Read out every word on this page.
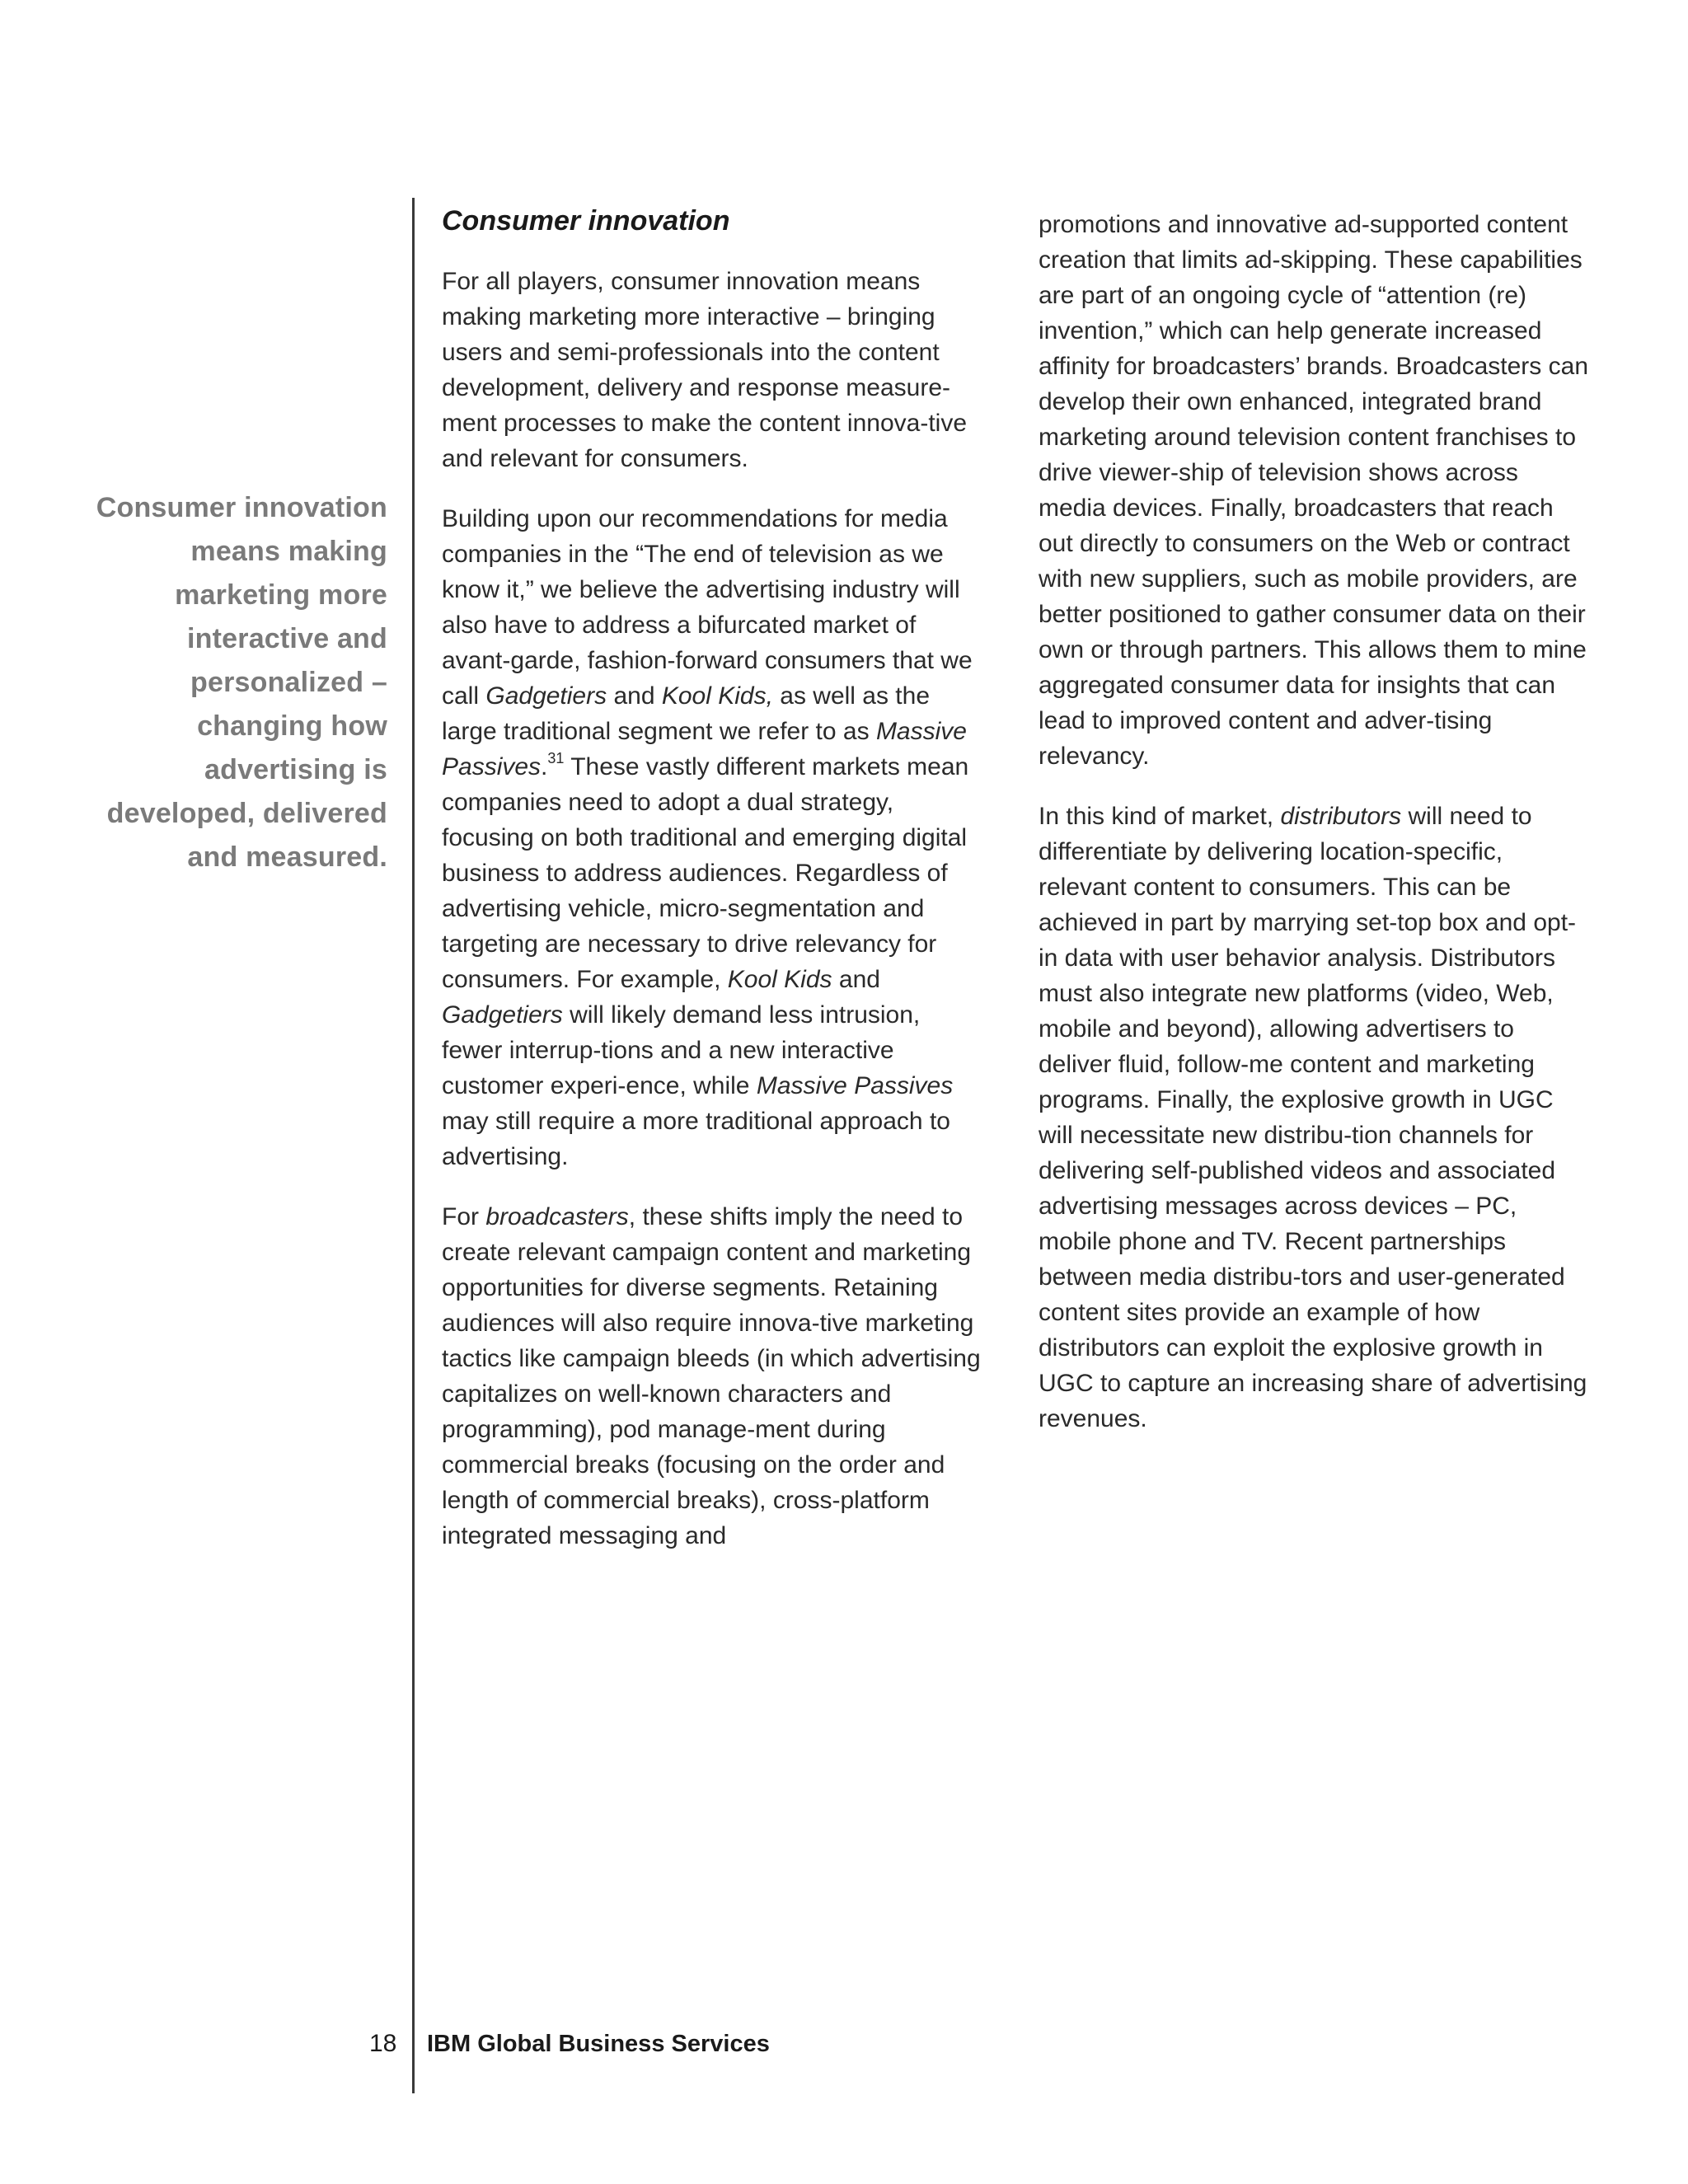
Consumer innovation means making marketing more interactive and personalized – changing how advertising is developed, delivered and measured.

Consumer innovation

For all players, consumer innovation means making marketing more interactive – bringing users and semi-professionals into the content development, delivery and response measure-ment processes to make the content innova-tive and relevant for consumers.

Building upon our recommendations for media companies in the “The end of television as we know it,” we believe the advertising industry will also have to address a bifurcated market of avant-garde, fashion-forward consumers that we call Gadgetiers and Kool Kids, as well as the large traditional segment we refer to as Massive Passives.$^{31}$ These vastly different markets mean companies need to adopt a dual strategy, focusing on both traditional and emerging digital business to address audiences. Regardless of advertising vehicle, micro-segmentation and targeting are necessary to drive relevancy for consumers. For example, Kool Kids and Gadgetiers will likely demand less intrusion, fewer interrup-tions and a new interactive customer experi-ence, while Massive Passives may still require a more traditional approach to advertising.

For broadcasters, these shifts imply the need to create relevant campaign content and marketing opportunities for diverse segments. Retaining audiences will also require innova-tive marketing tactics like campaign bleeds (in which advertising capitalizes on well-known characters and programming), pod manage-ment during commercial breaks (focusing on the order and length of commercial breaks), cross-platform integrated messaging and

promotions and innovative ad-supported content creation that limits ad-skipping. These capabilities are part of an ongoing cycle of “attention (re) invention,” which can help generate increased affinity for broadcasters’ brands. Broadcasters can develop their own enhanced, integrated brand marketing around television content franchises to drive viewer-ship of television shows across media devices. Finally, broadcasters that reach out directly to consumers on the Web or contract with new suppliers, such as mobile providers, are better positioned to gather consumer data on their own or through partners. This allows them to mine aggregated consumer data for insights that can lead to improved content and adver-tising relevancy.

In this kind of market, distributors will need to differentiate by delivering location-specific, relevant content to consumers. This can be achieved in part by marrying set-top box and opt-in data with user behavior analysis. Distributors must also integrate new platforms (video, Web, mobile and beyond), allowing advertisers to deliver fluid, follow-me content and marketing programs. Finally, the explosive growth in UGC will necessitate new distribu-tion channels for delivering self-published videos and associated advertising messages across devices – PC, mobile phone and TV. Recent partnerships between media distribu-tors and user-generated content sites provide an example of how distributors can exploit the explosive growth in UGC to capture an increasing share of advertising revenues.

18 IBM Global Business Services
